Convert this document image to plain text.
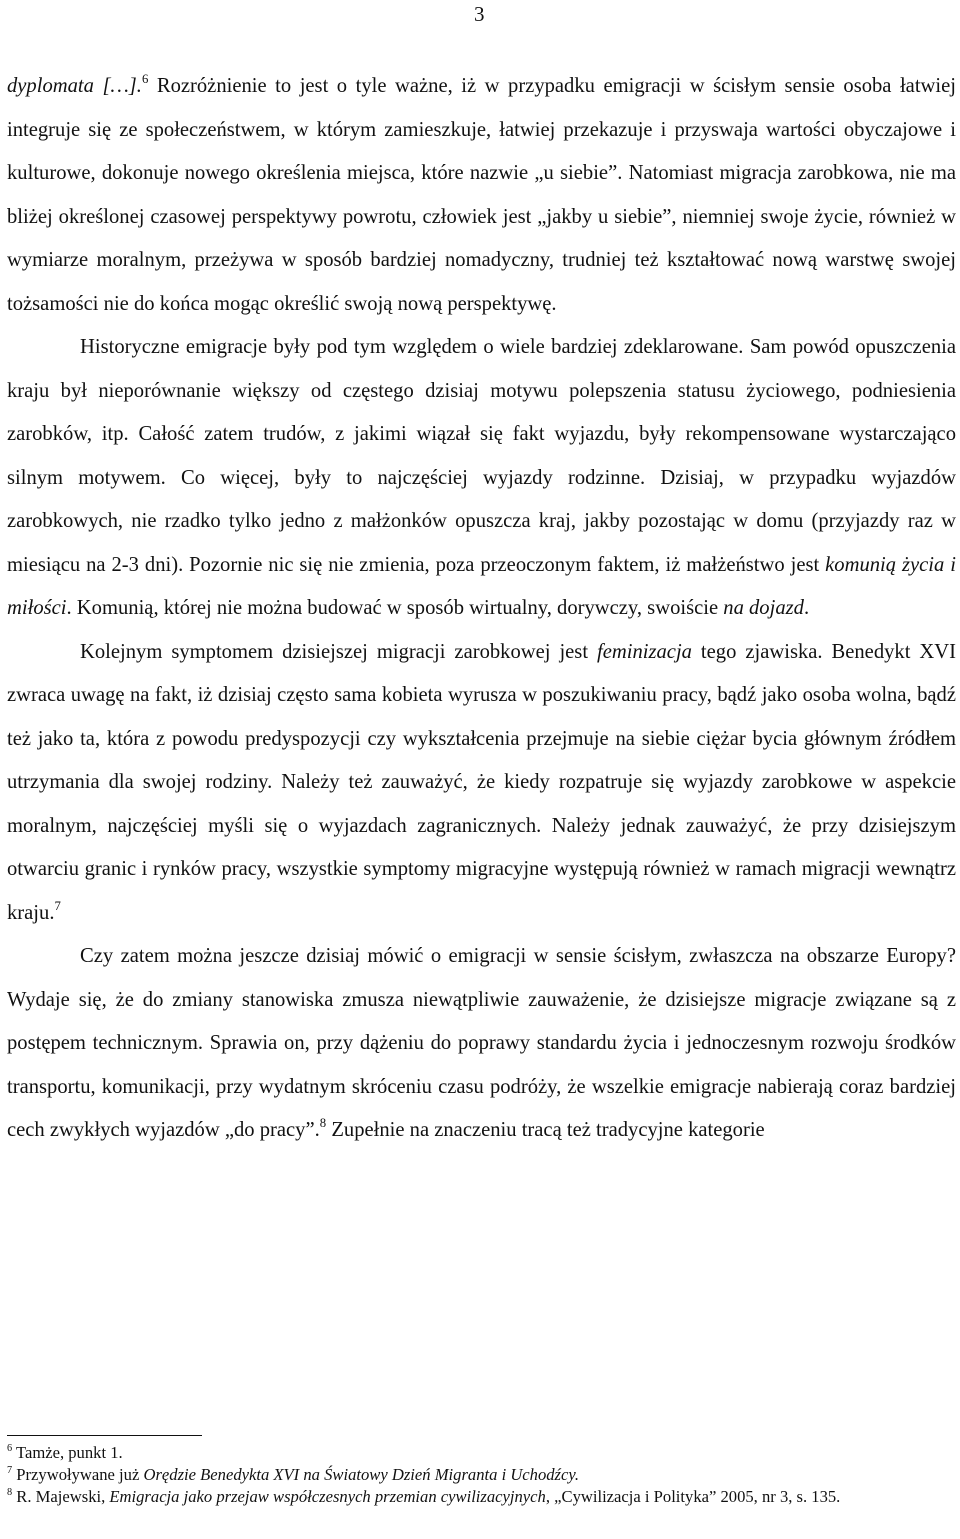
3

dyplomata […].$^6$ Rozróżnienie to jest o tyle ważne, iż w przypadku emigracji w ścisłym sensie osoba łatwiej integruje się ze społeczeństwem, w którym zamieszkuje, łatwiej przekazuje i przyswaja wartości obyczajowe i kulturowe, dokonuje nowego określenia miejsca, które nazwie „u siebie”. Natomiast migracja zarobkowa, nie ma bliżej określonej czasowej perspektywy powrotu, człowiek jest „jakby u siebie”, niemniej swoje życie, również w wymiarze moralnym, przeżywa w sposób bardziej nomadyczny, trudniej też kształtować nową warstwę swojej tożsamości nie do końca mogąc określić swoją nową perspektywę.

Historyczne emigracje były pod tym względem o wiele bardziej zdeklarowane. Sam powód opuszczenia kraju był nieporównanie większy od częstego dzisiaj motywu polepszenia statusu życiowego, podniesienia zarobków, itp. Całość zatem trudów, z jakimi wiązał się fakt wyjazdu, były rekompensowane wystarczająco silnym motywem. Co więcej, były to najczęściej wyjazdy rodzinne. Dzisiaj, w przypadku wyjazdów zarobkowych, nie rzadko tylko jedno z małżonków opuszcza kraj, jakby pozostając w domu (przyjazdy raz w miesiącu na 2-3 dni). Pozornie nic się nie zmienia, poza przeoczonym faktem, iż małżeństwo jest komunią życia i miłości. Komunią, której nie można budować w sposób wirtualny, dorywczy, swoiście na dojazd.

Kolejnym symptomem dzisiejszej migracji zarobkowej jest feminizacja tego zjawiska. Benedykt XVI zwraca uwagę na fakt, iż dzisiaj często sama kobieta wyrusza w poszukiwaniu pracy, bądź jako osoba wolna, bądź też jako ta, która z powodu predyspozycji czy wykształcenia przejmuje na siebie ciężar bycia głównym źródłem utrzymania dla swojej rodziny. Należy też zauważyć, że kiedy rozpatruje się wyjazdy zarobkowe w aspekcie moralnym, najczęściej myśli się o wyjazdach zagranicznych. Należy jednak zauważyć, że przy dzisiejszym otwarciu granic i rynków pracy, wszystkie symptomy migracyjne występują również w ramach migracji wewnątrz kraju.$^7$

Czy zatem można jeszcze dzisiaj mówić o emigracji w sensie ścisłym, zwłaszcza na obszarze Europy? Wydaje się, że do zmiany stanowiska zmusza niewątpliwie zauważenie, że dzisiejsze migracje związane są z postępem technicznym. Sprawia on, przy dążeniu do poprawy standardu życia i jednoczesnym rozwoju środków transportu, komunikacji, przy wydatnym skróceniu czasu podróży, że wszelkie emigracje nabierają coraz bardziej cech zwykłych wyjazdów „do pracy”.$^8$ Zupełnie na znaczeniu tracą też tradycyjne kategorie

$^6$ Tamże, punkt 1.

$^7$ Przywoływane już Orędzie Benedykta XVI na Światowy Dzień Migranta i Uchodźcy.

$^8$ R. Majewski, Emigracja jako przejaw współczesnych przemian cywilizacyjnych, „Cywilizacja i Polityka” 2005, nr 3, s. 135.
